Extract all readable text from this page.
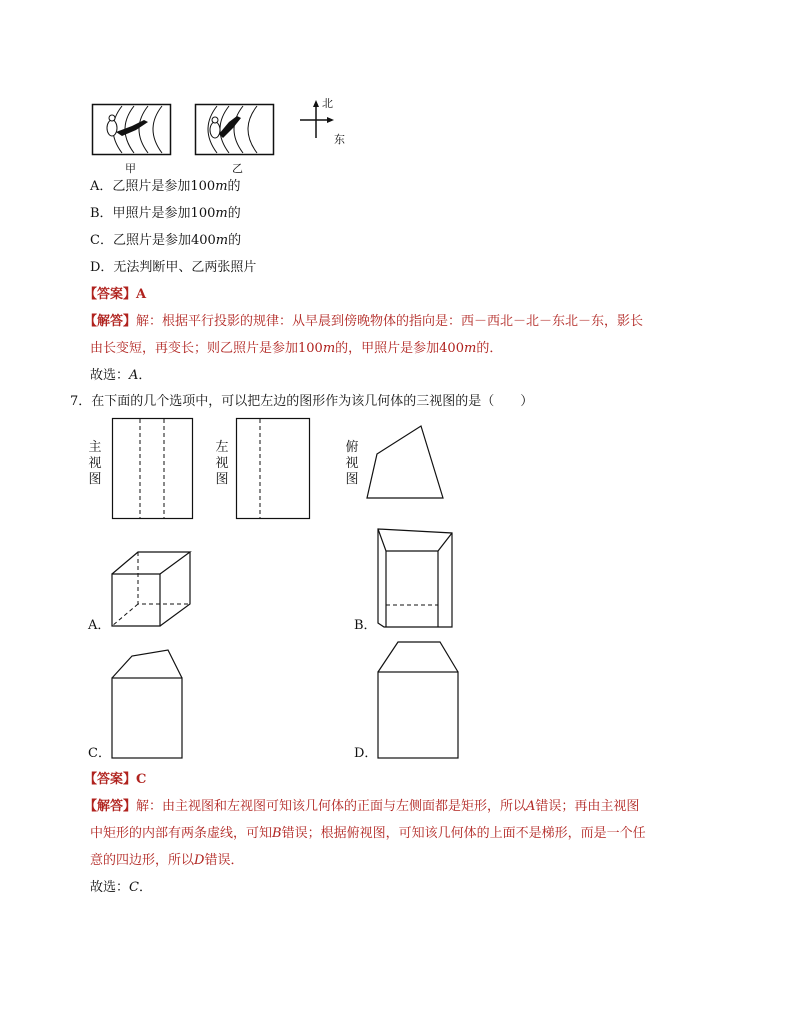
甲	乙
北
东
A．乙照片是参加100m的
B．甲照片是参加100m的
C．乙照片是参加400m的
D．无法判断甲、乙两张照片
【答案】A
【解答】解：根据平行投影的规律：从早晨到傍晚物体的指向是：西－西北－北－东北－东，影长
由长变短，再变长；则乙照片是参加100m的，甲照片是参加400m的．
故选：A．
7．在下面的几个选项中，可以把左边的图形作为该几何体的三视图的是（　　）
主
视
图
左
视
图
俯
视
图
A．	B．
C．	D．
【答案】C
【解答】解：由主视图和左视图可知该几何体的正面与左侧面都是矩形，所以A错误；再由主视图
中矩形的内部有两条虚线，可知B错误；根据俯视图，可知该几何体的上面不是梯形，而是一个任
意的四边形，所以D错误．
故选：C．
